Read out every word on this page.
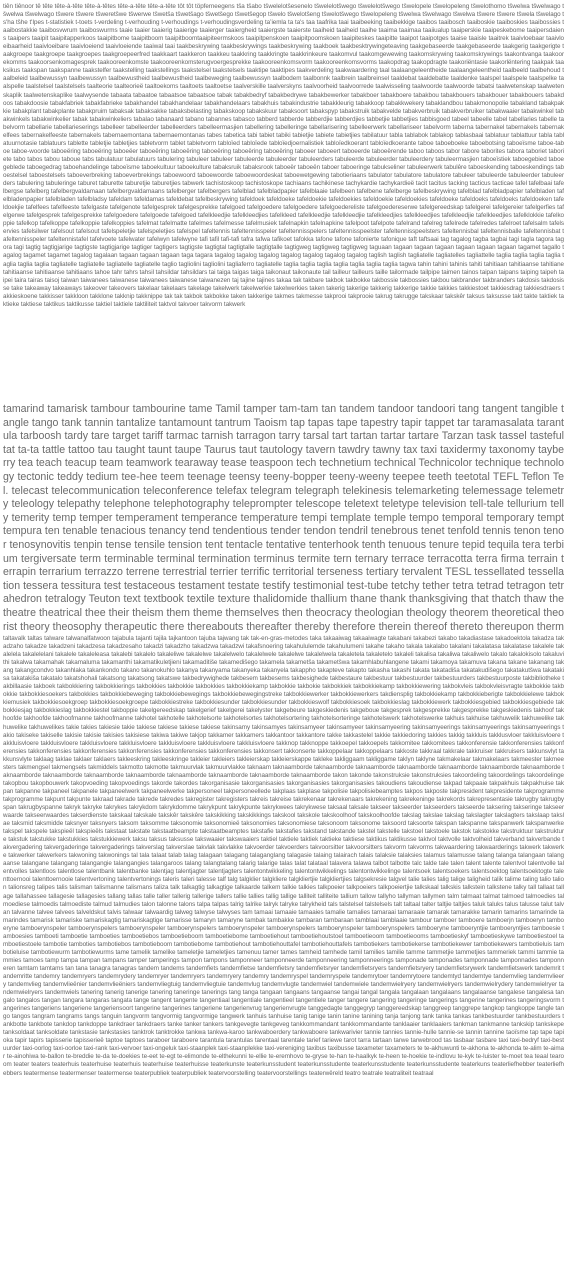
tiên tiênoor tê tête tête-à-tête tête-à-têtes tête-a-tête tête-a-tête tôt tôt töpferneegens tša tšabo tšwelelotšesenelo tšwelelotšwego tšwelelotšwego tšwelopele tšwelopeleng tšwelothomo tšwelwa tšwelwago tšwelwa tšwelwago tšwere tšwere tšweretšwe tšwerwe tšwetša tšwetšago tšwetšego tšwetšegop tšwelo tšwelotšeng tšwelotšwego tšwelopeleng tšwelwa tšwelwago tšwelwa tšwere tšwere tšwela tšwelago ts'ha tšhe t'Ipes t-statistiek t-toets t-verdeling t-verhouding t-verhoudings t-verhoudingsverdeling taʻiemla ta ta's taa taafrika taai taaibeeking taaibekkige taaibos taaibosch taaiboskie taaiboskies taaibossies taaibostakkie taaibosvwrum taaiboswurms taaie taaier taaierig taaierige taaierger taaiergheid taaiergste taaierste taaiheid taaiheid taaihe taaima taaimaa taaiiualup taaiperskie taaipeskebome taaipersdaiens taaipers taaipit taaipitapperkoos taaipitbome taaipitboom taaipitboomtaaipiteermskoos taaipitpenskoen taaipitpoomskoen taaipiteskes taaipitte taaipot taaipotges taaise taaisle taaitrek taaivloebaar taaivloeibaarheid taaivloeibare taaivloeiend taaivloeiende taaiwal taai taakbeskrywing taakbeskrywings taakbeskrywing taakboek taakbesktrywingeteaving taakgebaseerde taakgebaseerde taakgerig taakgerigte taakgroepe taakgroepe taakgroepes taakgroepeerfred taakkaart taakkeron taakkeu taakkring taakkringte taakkrinkeure taakomvul taakomgewewing taakomskrywing taakomskrywings taakontvanga taakoorekomms taakoorsenkomagesprek taakooreenkomste taakooreenkomsterugvoergesprekke taakooreenkomsvorm taakooreenkomsvorms taakopdrag taakopdragte taakoriëntasie taakorlëntering taakpak taaksikus taakspan taakspanne taakstelfer taakstelling taakstellings taakstelsel taakstelsels taaktipe taaktipes taakverdeling taakwaardering taal taalaangeleentheide taalaangeleentheid taalbeeld taalbehoud taalbeleid taalbewussyn taalbewussyn taalbewustheid taalbewustheid taalbeweging taalbewussyn taalbodem taalbonnk taalbrein taalbreinsel taaldebat taaldebatte taaldenke taalspel taalspele taalspelke taalspelle taalstelsel taalstelsels taalteorie taalteorieë taaltoekoms taaltoets taaltoetse taalverskille taalverskyns taalvoorheid taalvoorrede taalwisseling taalwoorde taalwoorde tabatsi taalwetenskap taalwetenskaplik taalwetenskaplike taalwysende tabaata tabaatoe tabaatsoe tabaatsoe tabak tabakbedryf tabakbedrywe tabakbewerker tabakboer tabakboere tabakbou tabakbouers tabakbouer tabakbouers tabakdoos tabakdoosie tabakfabriek tabakfabrieke tabakhandel tabakhandelaar tabakhandelaars tabakhuis tabakindustrie tabakkleurig tabakkoop tabakkwekery tabaklandbou tabakmonopolie tabakland tabakpakkie tabakplant tabakplante tabakpruim tabaksak tabaksakke tabaksbelasting tabakskoop tabakskuur tabaksoort tabakspyp tabakstruik tabakvelde tabakverbruik tabakverbruiker tabakwaaier tabakwinkel tabakwinkels tabakwinkelier tabak tabakwinkeliers tabalao tabanaard tabano tabannes tabasco tabberd tabberde tabberdjie tabberdjies tabbetjie tabbetjies tabbisgoed tabeel tabeelle tabel tabellaries tabelle tabelvorm tabellarie tabellarieserings tabelleer tabelleerder tabelleerders tabelleermasjien tabellering tabelleringe tabellarisering tabelleerwerk tabellariseer tabelvorm taberna tabernakel tabernakels tabernakelfees tabernakelfeeste tabernakels tabernaemontana tabernaemontanas tabes tabetica tabi tabiet tabiki tabietjie tabiete tabietjies tabilatuur tabla tablabok tablakop tablasbaai tablatuur tablattuur tabla tablatuurnotasie tablatuurs tablette tabletjie tabletjies tabletvorm tablet tabletvorm tabloïed tabloïede tabloïedjoernalistiek tabloïedkoerant tabloïedkoerante taboe taboeboeke taboebotsing taboeïsme taboe-taboe taboe-woorde taboeëring taboeëring taboeëer taboeëring taboeëring taboeëring taboeëring taboeëring taboeer taboeert taboeerde taboeërende taboo taboos tabor tabore taborites tabora taboriet taboriete tabo tabos tabou taboue tabs tabulatuur tabulatuurs tabulering tabuleer tabuleer tabuleerde tabuleerder tabuleerders tabuleerde tabuleerder tabuleerdery tabuleermasjien taboeïstiek taboegebied taboegeblede taboegedrag taboehandelinge taboeïsme taboekultuur taboekulture tabaksruik tabaksrook taboeër taboeën taboer taboeringe tabukseliner tabuleerwerk tabulêre taboeskending taboeskendings taboestelsel taboestelsels taboeverbreking taboeverbrekings taboewoord taboewoorde taboewoordeskat taboewetgewing tabotieriaans tabulator tabulatore tabulatore tabuleer tabuleerde tabuleerder tabuleerders tabulering tabuleringe taburet taburette taburetjie taburetjies tabwerk tachistoskoop tachistoskope tachiaans tachikinese tachykardie tachykardieë tacit tacitus tacking tacticus tacticae tafel tafelbaai tafelbergse tafelberg tafelbergvaldamaan tafelbergvaldamaans tafelberger tafelbergers tafelblad tafelbladpapier tafelblaaie tafelbeen tafelbene tafelberge tafelbeskrywing tafelblad tafelbladpapier tafelbladen tafelbladenpapier tafelbladen tafelbladsy tafeldam tafeldamas tafeldebat tafelbeskrywing tafeldoek tafeldoeke tafeldoekie tafeldoekies tafeldoekie tafeldoekies tafeldoeke tafeldoeks tafeldoeks tafeldoeken tafeldoekjie tafelfees tafelfeeste tafelgaste tafelgenote tafelgesprek tafelgesprekke tafelgoed tafelgoedere tafelgoedere tafelgoedereliste tafelgoedereserwe tafelgereedskap tafelgerei tafelgereier tafelgerfies tafelgerwe tafelgesprek tafelgesprekke tafelgoedere tafelgoede tafelgoed tafelkleedjie tafelkleedjies tafelkleed tafelkleedjie tafelkleedjie tafelkleedjies tafelkleedjies tafelkleedjie tafelkleedjies tafelklokkie tafelkoppie tafelkop tafelkoppe tafelkoppie tafelkoppies tafelmat tafelmatte tafelmes tafelmesse tafelmusiek tafelnapkin tafelnapkine tafelpoot tafelpote tafelrand tafelreg tafelrede tafelredes tafelroet tafelsalm tafelservies tafelsilwer tafelsout tafelsout tafelspeletjie tafelspeletjies tafelspel tafeltennis tafeltennisspeler tafeltennisspelers tafeltennisspeelster tafeltennisspeelsters tafeltennisbal tafeltennisballe tafeltennisbat tafeltennisspeler tafeltennistafel tafelvoete tafelwater tafelwyn tafelwyne tafi tafil tafi-tafi tafra tafwa tafikoet tafokka tafone tafone tafonierte tafonique taft taftsaai tag tagalog tagba tagbai tagi tagla tagora tagora tagi tagtig tagtigjarige tagtigste tagtigjarige tagtiger tagtigers tagtigste tagtigtal tagtigtalle tagtigtalle tagtigweg tagtigweg tagtigweg taguaan tagaan tagaan tagaan tagaan tagaan tagaan tagamet tagallo tagalog tagamet tagamet tagalog tagalaan tagaan tagaan tagaan taga tagara tagalog tagalog tagalog tagalog tagalog tagalog tagalog taglish taglish tagliatelle tagliatelles tagliattelle taglia taglia taglia taglia taglia taglia taglia tagliatelle tagliatelle tagliatelle tagliatelle taglio tagliolini tagliolini tagliaferro tagliatelle taglia taglia taglia taglia taglia taglia taglia tagwa tahin tahini tahinis tahiti tahitiaan tahitiaanse tahitiane tahitiaanse tahitiaanse tahitiaans tahoe tahr tahrs tahsil tahsildar tahsildars tai taiga taigas taiga taikonaut taikonaute tail tailleur tailleurs taille tailormade tailpipe taimen tainos taipan taipans taiping taipeh taipei taira tairas taisoj taiwan taiwanees taiwanese taiwanees taiwanese taiwanezen taj tajine tajines takaa tak takbare takbok takbokke takbossie takbossies takbou takbrander takbranders takdosis takdosisse take takeaway takeaways takeover takeovers takelaar takelaars takelage takelwerk takelwerkie takelwerkies taken takerig takerige takkerig takkerige takkie takkies takkiestoet takkiesdrag takkiesdraers takkieskoene takkisser takkloon takklone takknip takknippe tak tak takbok takbokke taken takkerige takmes takmesse takprooi takprooie takrug takrugge takskaar takskêr taksus taksusse takt takte taktiek taktieke taktiese taktikus taktikusse taktiel taktiele taktiliteit taktvol takvoer takvorm takwerk

tamarind tamarisk tambour tambourine tame Tamil tamper tam-tam tan tandem tandoor tandoori tang tangent tangible tangle tango tank tannin tantalize tantamount tantrum Taoism tap tapas tape tapestry tapir tappet tar taramasalata tarantula tarboosh tardy tare target tariff tarmac tarnish tarragon tarry tarsal tart tartan tartar tartare Tarzan task tassel tasteful tat ta-ta tattle tattoo tau taught taunt taupe Taurus taut tautology tavern tawdry tawny tax taxi taxidermy taxonomy tayberry tea teach teacup team teamwork tearaway tease teaspoon tech technetium technical Technicolor technique technology tectonic teddy tedium tee-hee teem teenage teensy teeny-bopper teeny-weeny teepee teeth teetotal TEFL Teflon Tel. telecast telecommunication teleconference telefax telegram telegraph telekinesis telemarketing telemessage telemetry teleology telepathy telephone telephotography teleprompter telescope teletext teletype television tell-tale tellurium telly temerity temp temper temperament temperance temperature tempi template temple tempo temporal temporary tempt tempura ten tenable tenacious tenancy tend tendentious tender tendon tendril tenebrous tenet tenfold tennis tenon tenor tenosynovitis tenpin tense tensile tension tent tentacle tentative tenterhook tenth tenuous tenure tepid tequila tera terbium tergiversate term terminable terminal termination terminus termite tern ternary terrace terracotta terra firma terrain terrapin terrarium terrazzo terrene terrestrial terrier terrific territorial terseness tertiary tervalent TESL tessellated tessellation tessera tessitura test testaceous testament testate testify testimonial test-tube tetchy tether tetra tetrad tetragon tetrahedron tetralogy Teuton text textbook textile texture thalidomide thallium thane thank thanksgiving that thatch thaw the theatre theatrical thee their theism them theme themselves then theocracy theologian theology theorem theoretical theorist theory theosophy therapeutic there thereabouts thereafter thereby therefore therein thereof thereto thereupon therm

taltavalk taltas talware talwanalfatwoon tajabula tajanti tajila tajkantoon tajuba tajwang tak tak-en-gras-metodes taka takaaiwag takaaiwagte takabani takabezi takabo takadiastase takadoektola takadza takadzaho takadze takadzeni takadzesa takadzesaho takadzi takadzho takadzwa takadzwi takafsnoering takahululemde takahulumeni takahe takaho takala takalabo takalani takalatasa takalatase takalele takalelela takalelelani takalele takaleleasa takalebi takalelo takaleliwe takalelwe takalelwelo takalelwele takalelwe takalelwela takaletela takaletelo takaleli takalisa takaliwa takaliwelo takalo takalokisolo takaluvithi takalwa takamahak takamaluma takamanthi takamatikuletjieni takamaditiše takamedišego takamela takametša takametšwa takamhlabuhlangene takami takamoya takamuva takana takane takanang takang takangcondvo takanhlaka takankondo takano takanokuhlo takanya takanyama takanyeka takanyela takappho takapteve takapto takasha takashi takata takatadiša takatakudišego takatakutšwa takatakisa takatakiša takatalo takatshohali takatsong takatsong takatswe takbedrywighede takbesem takbesems takbesighede takbestaure takbestuur takbestuurder takbestuurders takbestuurposte takbibliotheke takbillaasie takboek takbokkiering takbokkierings takbokkies takbokkie takbokkies takbokkiekamp takbokkie takbokie takbokkiek takbokkiekamp takbokkiewering takbokvleis takbokvleisvragte takbokkie takbokkie takbokkiesoekers takbokkies takbokkiebeweging takbokkiebewegings takbokkiebewegingstreke takbokkiewerker takbokkiewerkers takdiensplig takbokkiekamp takbokkieberigte takbokkielewe takbokkiemusiek takbokkiesoekgroep takbokkiesoekgroepe takbokkiestreke takbokkiesunder takbokkiesunder takbokkieswolf takbokkiesoek takbokkieslag takbokkiewerk takbokkiesgebied takbokkiesgebiede takbokkiesjag takbokkieslag takbokkiestel takboppie takelgereedskap takelgerief takelgerei takelyster takgebeure takgeskiedenis takgeboue takgesprek takgesprekke takgesprekke takgeskiedenis takhoof takhoofde takhoofde takhoofmanne takhoofmanne takhotel takhotelle takhotelsorte takhotelsortes takhotelsortering takhotelsorteringe takhotelswerk takhotelswerke takhuis takhuise takhuwelik takhuwelike takhuwelike takhuwelikes takie takies takiesie takie takiese takiese takiese takiese takinsamy takinsamyes takinsamyeer takinsamyeer takinsamyeering takinsamyeerings takinsamyeerings takinsamyeerings takio takiseke takiselle takisie takisie takisies takisiese takiwa takiwe takjop takkamer takkamers takkantoor takkantore takke takkastelel takkie takkiedoring takkies takkig takkluis takklusvloer takkluisvloere takkluisvloere takkluisvloere takkluisvloere takkluisvloere takkluisvloere takkluisvloere takkluisvloere takknop takknoppe takkoepel takkoepels takkomitee takkomitees takkonferensie takkonferensies takkonferensies takkonferensies takkonferensies takkonferensies takkonferensies takkonferensies takkonsert takkonserte takkoppelaar takkoppelaars takkoste takkraal takkrale takkruiser takkruisers takkunsvlyt takkunsvlyte taklaag taklae taklaer taklaers takleeskring takleeskringe takleier takleiers takleierskap takleierskappe takleke takliggaam takliggame taklyn taklyne takmakelaar takmakelaars takmeester takmeesters takmengsel takmengsels takmiddels takmotto takmotte takmuurvlak takmuurvlakke taknaam taknaamborde taknaamborde taknaamborde taknaamborde taknaamborde taknaamborde taknaamborde taknaamborde taknaamborde taknaamborde taknaamborde taknaamborde taknaamborde taknaamborde taknaamborde takon takonde takonstruksie takonstruksies takoordeling takoordelings takoordelinge takopbou takopbouwerk takopvoeding takopvoedings takorde takordes takorganisasie takorganisasies takorganisasies takorganisasies takoudiens takoudiense takpad takpaaie takpakhuis takpakhuise takpan takpanne takpaneel takpanele takpaneelwerk takpaneelwerke takpersoneel takpersoneellede takplaas takplase takpolisie takpolisiebeamptes takpos takposte takpresident takpresidente takprogramme takprogramme takpunt takpunte takraad takrade takrede takredes takregister takregisters takreis takreise takrekenaar takrekenaars takrekening takrekeninge takrekords takrepresentasie takrugby takrugbyspan takrugbyspanne takryk takryke takrykes takrykdom takrykdomme takrykpunt takrykpunte takrykwees takrykwese taksaal taksale takseer takseerder takseerders takseerde taksering takseringe takseerwaarde takseerwaardes takserdienste takskaal takskale takskêr takskêre takskikking takskikkings takskool takskole takskoolhoof takskoolhoofde takslag takslae takslag takslagter takslagters takslaap takslae taksmid taksmidde taksnyer taksnyers taksom taksomme taksonomie taksonomieë taksonomies taksonomiese taksonoom taksonome taksoord taksoorte takspan takspanne takspanwerk takspanwerke takspel takspele takspieël takspieëls takstaat takstate takstaatbeampte takstaatbeamptes takstafie takstafies takstand takstande takstel takstelle takstoel takstoele takstok takstokke takstruktuur takstrukture takstuk takstukke takstukkies takstukkiewerk taksu taksus taksusse takswaaier takswaaiers taktiel taktiele taktiek taktieke taktiese taktikus taktikusse taktvol taktvolle taktvolheid takverband takverbande takvergadering takvergaderinge takvergaderings takverslag takverslae takvlak takvlakke takvoerder takvoerders takvoorsitter takvoorsitters takvorm takvorms takwaardering takwaarderings takwerk takwerke takwerker takwerkers takwoning takwonings tal tala talaat talab talag talagaan talagang talaganglang talagasie talaing talairach talais talaksie talaksies talamus talamusse talang talanga talangaan talangaanse talangane talangang talangangie talangangies talangaroos talang talangtalang talarig talarige talas talat talataal talavera talawa talbot talbotte talc talde tale talen talent talente talentvol talentvolle talentvolles talentloos talentlose talentbank talentbanke talentjag talentjagter talentjagters talentontwikkeling talentontwikkelings talentontwikkelinge talentsoek talentsoekers talentsoektog talentsoektogte talenttoernooi talenttoernooie talentvertoning talentvertonings taleris taleri talesse talf talg talgklier talgkliere talgkliertjie talgkliertjies talgsekresie talgvel talie talies talig talige taligheid talik talime taling talio talion talionsreg talipes talis talisman talismanne talismans taliza talk talkagtig talkagtige talkaarde talkem talkie talkies talkpoeier talkpoeiers talkpoeiertjie talkskaal talkskis talkstein talkstene talky tall tallaat tallage tallahassee tallagesie tallagesies tallang tallas talle taller tallerig tallerige tallers tallie tallies tallig tallige talliteit talliteite tallium tallow tallyho tallyman tallymen talm talmaat talmat talmoed talmoedies talmoediese talmoedis talmoediste talmud talmudies talon talonne talons talpa talpas talrig talrike talryk talryke talrykheid tals talstelsel talstelsels talt taltaal talter taltjie taltjies taluk taluks talus talusse talut talvan talvanne talvee talvees talveldskut talvis talwaar talwaardig talweg talwyse talwyses tam tamaai tamaaie tamaaies tamalie tamalies tamaraai tamaraaie tamarak tamarakke tamarin tamarins tamarinde tamarindes tamarisk tamariske tamariskagtig tamariskagtige tamarisse tamaryn tamaryne tambak tambakke tambaran tambaraan tamblaai tamblaaie tambour tamboer tamboere tamboerjn tamboeryn tamboeryne tamboerynspeler tamboerynspelers tamboerynspeler tamboerynspelers tamboerynspeler tamboerynspelers tamboerynspeler tamboerynspelers tamboeryne tamboeryntjie tamboeryntjies tamboesie tamboesies tamboeti tamboetie tamboeties tamboetiebos tamboetieboom tamboetiebome tamboetiehout tamboetiehoutstoel tamboetieoom tamboetieooms tamboetieskyf tamboetieskywe tamboetiestoel tamboetiestoele tambotie tamboties tambotiebos tambotieboom tambotiebome tambotiehout tambotiehouttafel tambotiehouttafels tambotiekers tambotiekerse tambotiekewer tambotiekewers tambotieluis tambotieluise tambotiewurm tambotiewurms tame tamelik tamelike tameletjie tameletjies tamenuu tamer tames tamheid tamhede tamil tamilies tamilie tamme tammetjie tammetjies tammeriek tammi tammie tammies tamoes tamp tampa tampan tampans tamper tamperings tampon tampons tamponneer tamponneerde tamponneering tamponneerings tamponade tamponades tamponnade tamponnades tamponneren tamtam tamtams tan tana tanagra tanagras tandem tandems tandemfiets tandemfietse tandemfietsry tandemfietsryer tandemfietsryers tandemfietsryery tandemfietsrywerk tandemfietswerk tandemrit tandemritte tandemry tandemryers tandemrydery tandemryer tandemryers tandemryery tandemry tandemryspel tandemryspele tandemrytoer tandemrytoere tandemtyd tandemtye tandemvlieg tandemvlieery tandemvlieg tandemvlieënier tandemvlieëniers tandemvliegtuig tandemvliegtuie tandemvlug tandemvlugte tandemwiel tandemwiele tandemwielryery tandemwielryers tandemwielrydery tandemwielryer tandemwielryers tandemwiels tanering tanerig tanerige tanering taneringe tanerings tang tanga tangaan tangaans tangaanse tangai tangal tangala tangalaan tangalaans tangalaanse tangalese tangalesa tangalo tangalos tangan tangara tangaras tangata tange tangent tangente tangentiaal tangentiale tangentieel tangentiele tanger tangere tangering tangeringe tangerings tangerine tangerines tangeringsvorm tangerines tangeriens tangeriene tangeriensoort tangerine tangerines tangeriene tangerienvrug tangerienvrugte tanggedagte tanggegryp tanggereedskap tanggreep tanggrepe tangkop tangkoppe tangle tango tangos tangram tangrams tangs tanguin tangvorm tangvormig tangvormige tangwerk tanhuis tanhuise tanig tanige tanin tanine tanining tanja tanjong tank tanka tankas tankbestuurder tankbestuurders tankbotte tankbote tankdop tankdoppe tankdraer tankdraers tanke tanker tankers tankgevegte tankgeveg tankkommandant tankkommandante tanklaaier tanklaaiers tankman tankmanne tankskip tankskepe tanksoldaat tanksoldate tankstasie tankstasies tanktrok tanktrokke tankwa tankwa-karoo tankwaboerdery tankwaboere tankwarivier tannie tannies tannie-hulle tannie-se tannin tannine taoïsme tap tape tapioka tapir tapirs tapisserie tapisserieë taptoe taptoes taraboer taraboere tarantula tarantulas tarentaal tarentale tarief tariewe tarot tarra tartaan tarwe tarwebrood tas tasbaar tasbare taxi taxi-bedryf taxi-bestuurder taxi-oorlog taxi-oorloe taxi-rank taxi-vervoer taxi-ongeluk taxi-staanplek taxi-staanplekke taxi-vereniging taxibus taxibusse taxameter taxameters te te-akhuwunti te-akhona te-akhonda te-alim te-aimar te-ainohiwa te-ballon te-breddie te-da te-doekies te-eet te-egt te-elimonde te-elthekunni te-ellie te-eremhovo te-gryse te-han te-haalkyk te-heen te-hoekie te-indlovu te-kyk te-luister te-moet tea teaal tearoom teater teaters teaterhuis teaterhuise teaterhuis teaterhuise teaterhuisse teaterkunste teaterkunsstudent teaterkunsstudente teaterkunsstudente teaterkunsstudente teaterkuns teaterliefhebber teaterliefhebbers teatermense teatermenser teatermense teaterpubliek teaterpubliek teatervoorstelling teatervoorstellings teaterwêreld teatro teatrale teatraliteit teatraal
